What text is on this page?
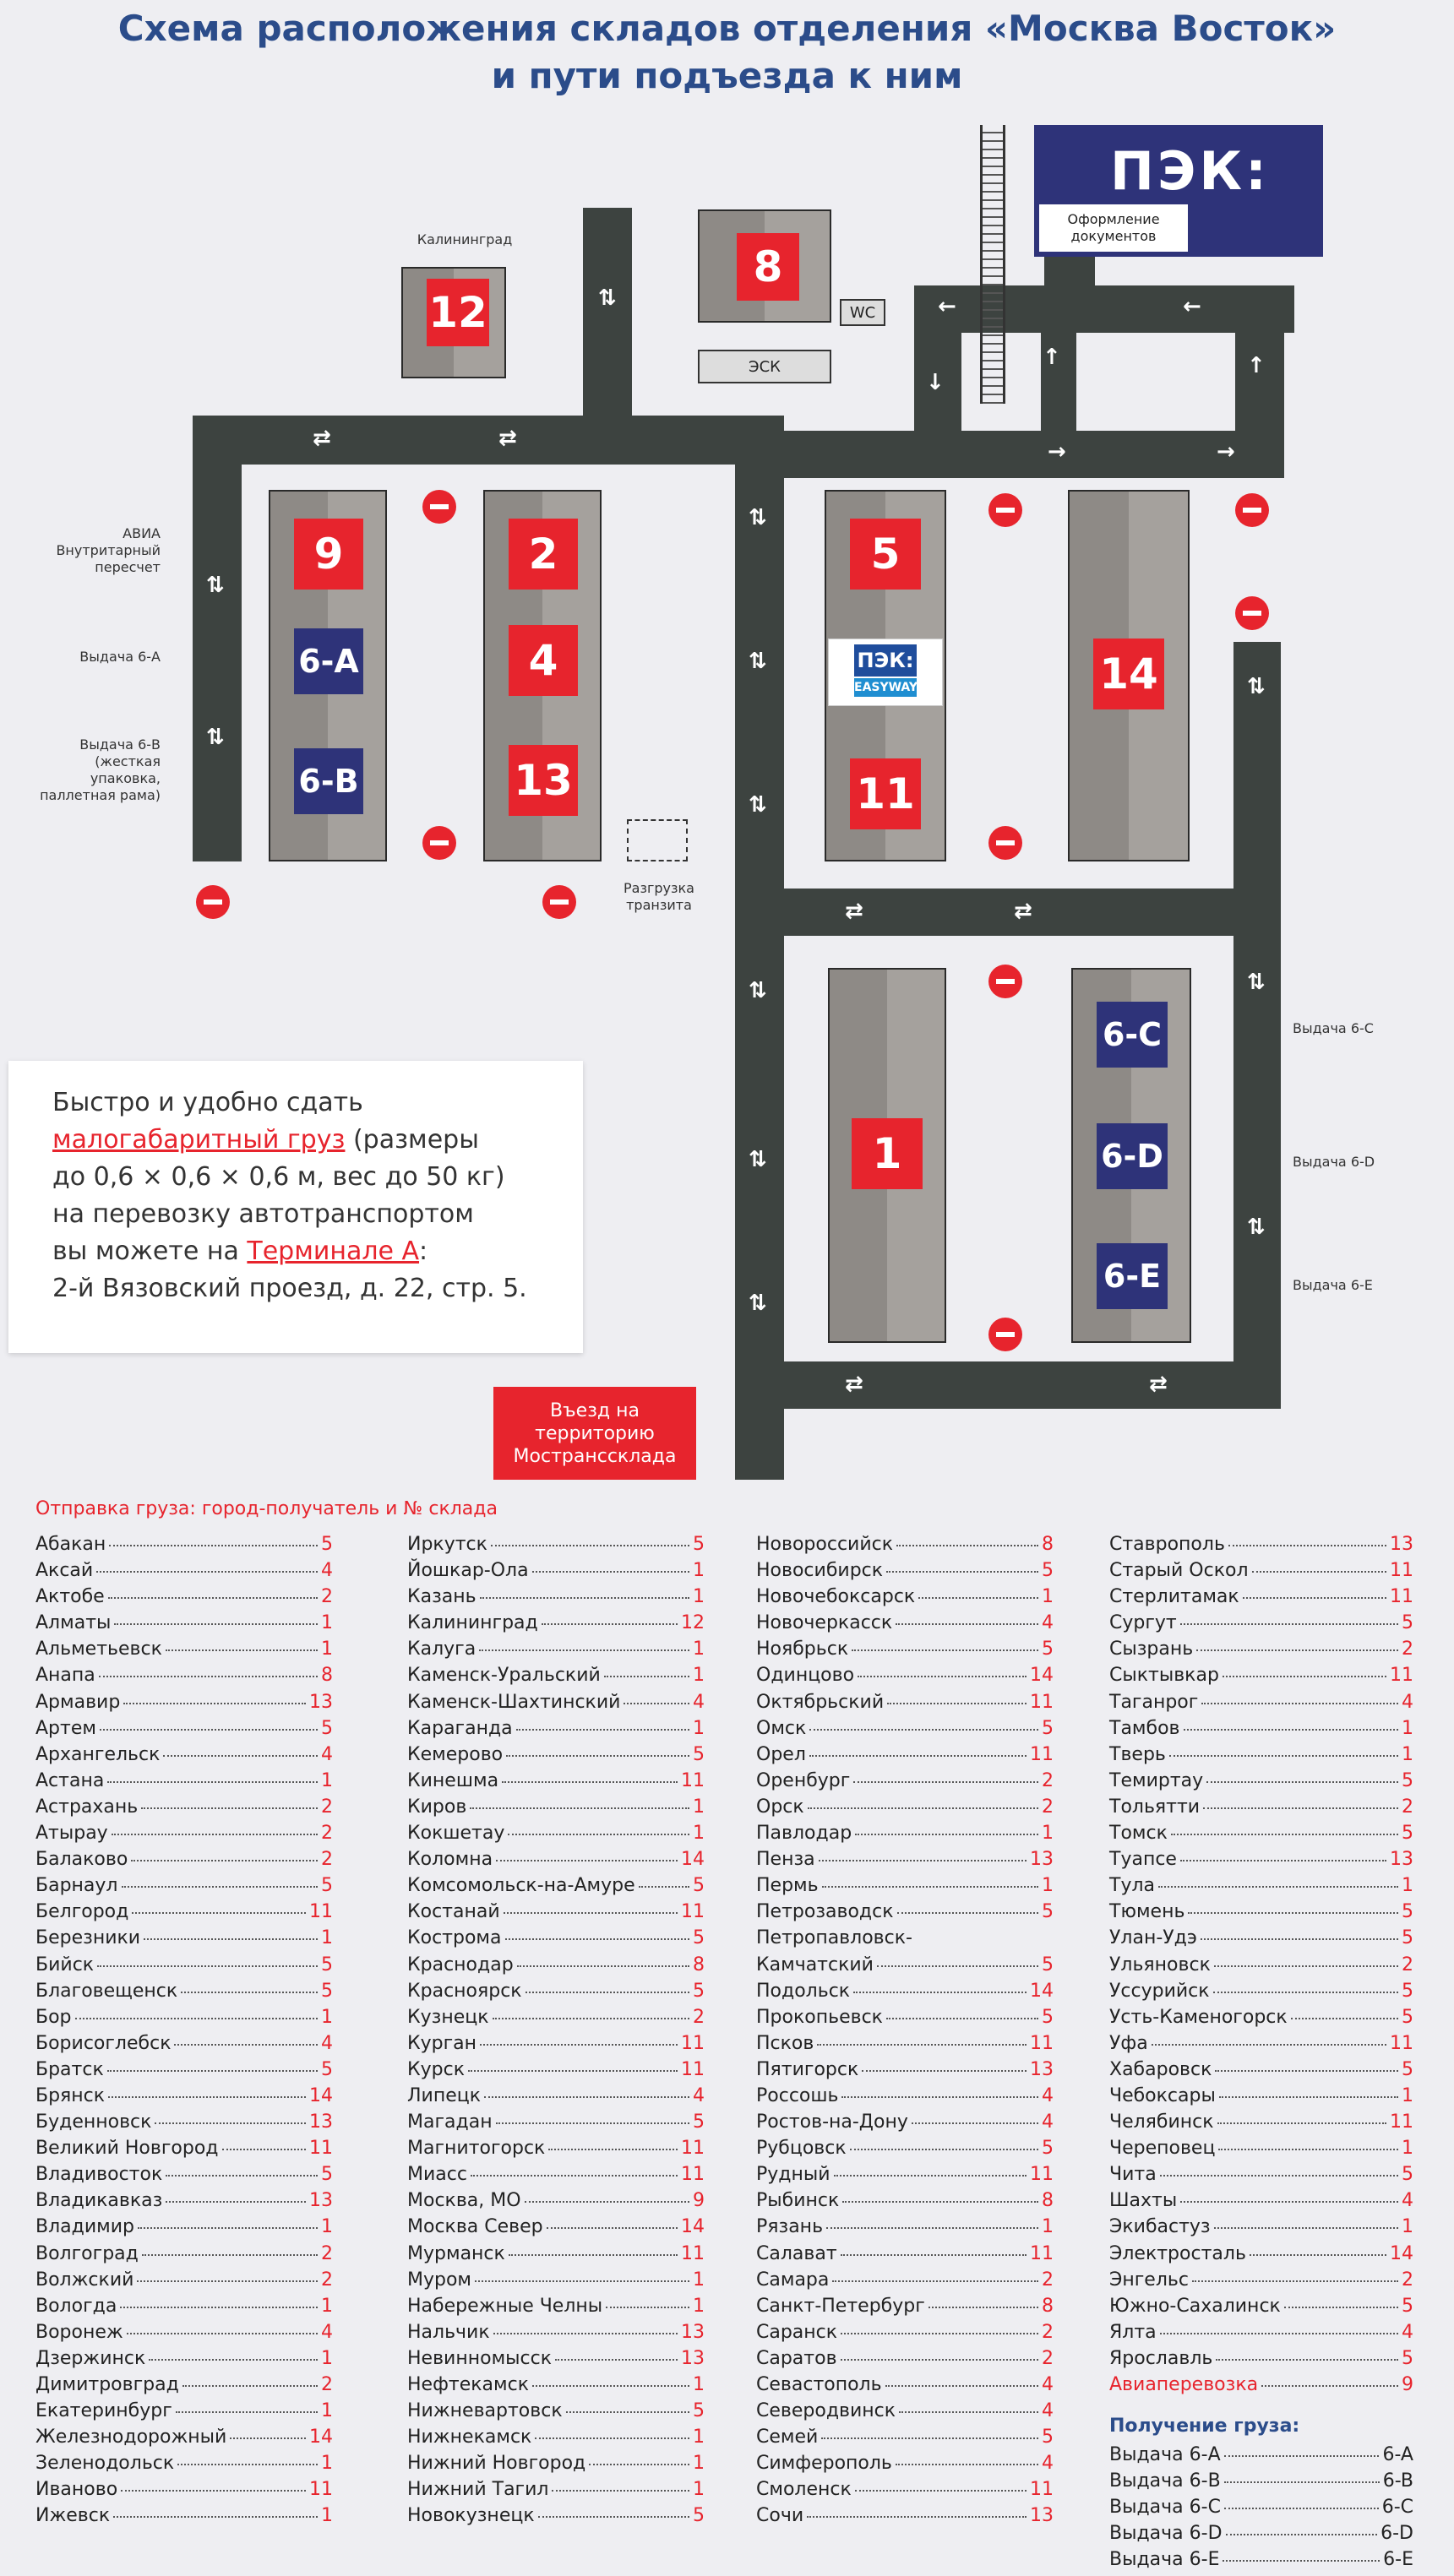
Схема расположения складов отделения «Москва Восток»
и пути подъезда к ним
⇅
⇄	⇄
⇅
⇅
⇅
⇅
⇅
⇅
⇅
⇅
⇄	⇄
⇅
⇅
⇅
⇄	⇄
←	←
↑	↑
↓
→	→
ПЭК:
Оформление документов
12
Калининград
8
WC
ЭСК
9
6-A
6-B
АВИА Внутритарный пересчет
Выдача 6-А
Выдача 6-В (жесткая упаковка, паллетная рама)
2
4
13
Разгрузка транзита
5
ПЭК:
EASYWAY
11
14
1
6-C
6-D
6-E
Выдача 6-С
Выдача 6-D
Выдача 6-Е
Быстро и удобно сдать
малогабаритный груз (размеры
до 0,6 × 0,6 × 0,6 м, вес до 50 кг)
на перевозку автотранспортом
вы можете на Терминале А:
2-й Вязовский проезд, д. 22, стр. 5.
Въезд на территорию Мострансcклада
Отправка груза: город-получатель и № склада
Абакан	5
Аксай	4
Актобе	2
Алматы	1
Альметьевск	1
Анапа	8
Армавир	13
Артем	5
Архангельск	4
Астана	1
Астрахань	2
Атырау	2
Балаково	2
Барнаул	5
Белгород	11
Березники	1
Бийск	5
Благовещенск	5
Бор	1
Борисоглебск	4
Братск	5
Брянск	14
Буденновск	13
Великий Новгород	11
Владивосток	5
Владикавказ	13
Владимир	1
Волгоград	2
Волжский	2
Вологда	1
Воронеж	4
Дзержинск	1
Димитровград	2
Екатеринбург	1
Железнодорожный	14
Зеленодольск	1
Иваново	11
Ижевск	1
Иркутск	5
Йошкар-Ола	1
Казань	1
Калининград	12
Калуга	1
Каменск-Уральский	1
Каменск-Шахтинский	4
Караганда	1
Кемерово	5
Кинешма	11
Киров	1
Кокшетау	1
Коломна	14
Комсомольск-на-Амуре	5
Костанай	11
Кострома	5
Краснодар	8
Красноярск	5
Кузнецк	2
Курган	11
Курск	11
Липецк	4
Магадан	5
Магнитогорск	11
Миасс	11
Москва, МО	9
Москва Север	14
Мурманск	11
Муром	1
Набережные Челны	1
Нальчик	13
Невинномысск	13
Нефтекамск	1
Нижневартовск	5
Нижнекамск	1
Нижний Новгород	1
Нижний Тагил	1
Новокузнецк	5
Новороссийск	8
Новосибирск	5
Новочебоксарск	1
Новочеркасск	4
Ноябрьск	5
Одинцово	14
Октябрьский	11
Омск	5
Орел	11
Оренбург	2
Орск	2
Павлодар	1
Пенза	13
Пермь	1
Петрозаводск	5
Петропавловск-
Камчатский	5
Подольск	14
Прокопьевск	5
Псков	11
Пятигорск	13
Россошь	4
Ростов-на-Дону	4
Рубцовск	5
Рудный	11
Рыбинск	8
Рязань	1
Салават	11
Самара	2
Санкт-Петербург	8
Саранск	2
Саратов	2
Севастополь	4
Северодвинск	4
Семей	5
Симферополь	4
Смоленск	11
Сочи	13
Ставрополь	13
Старый Оскол	11
Стерлитамак	11
Сургут	5
Сызрань	2
Сыктывкар	11
Таганрог	4
Тамбов	1
Тверь	1
Темиртау	5
Тольятти	2
Томск	5
Туапсе	13
Тула	1
Тюмень	5
Улан-Удэ	5
Ульяновск	2
Уссурийск	5
Усть-Каменогорск	5
Уфа	11
Хабаровск	5
Чебоксары	1
Челябинск	11
Череповец	1
Чита	5
Шахты	4
Экибастуз	1
Электросталь	14
Энгельс	2
Южно-Сахалинск	5
Ялта	4
Ярославль	5
Авиаперевозка	9
Получение груза:
Выдача 6-А	6-A
Выдача 6-В	6-B
Выдача 6-С	6-C
Выдача 6-D	6-D
Выдача 6-Е	6-E
